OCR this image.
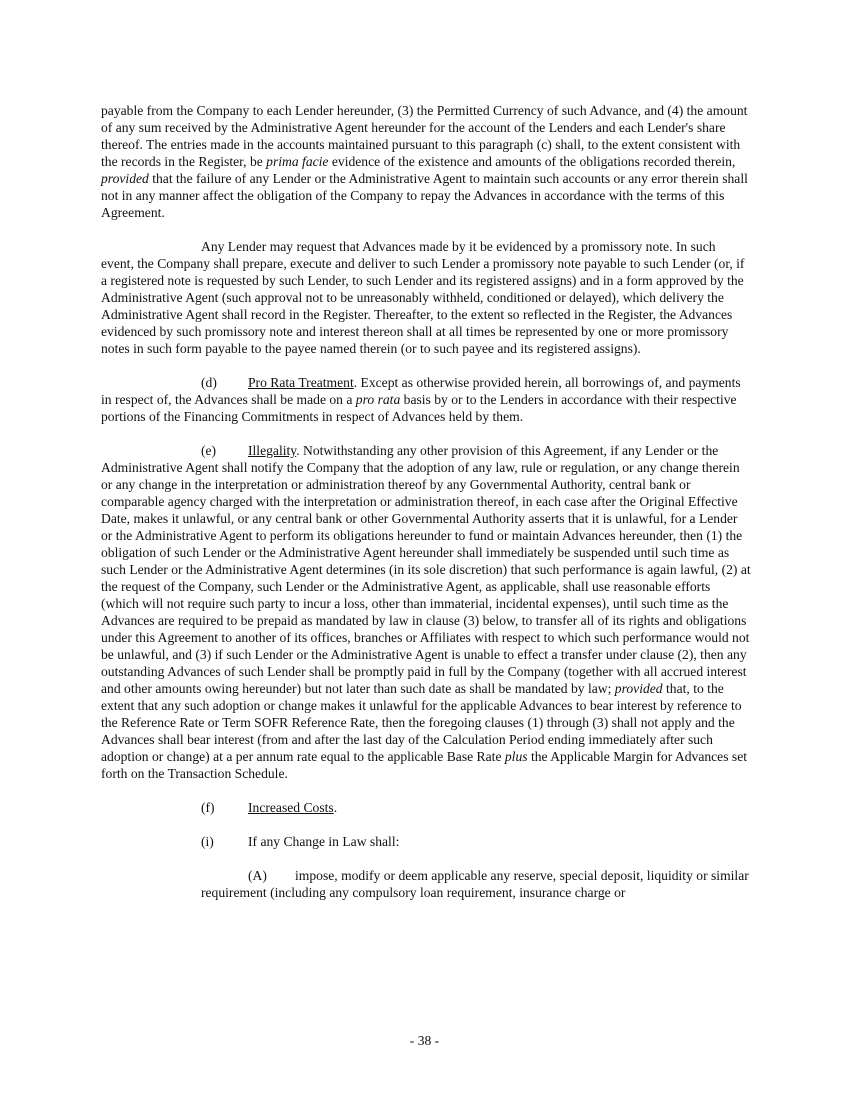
payable from the Company to each Lender hereunder, (3) the Permitted Currency of such Advance, and (4) the amount of any sum received by the Administrative Agent hereunder for the account of the Lenders and each Lender's share thereof. The entries made in the accounts maintained pursuant to this paragraph (c) shall, to the extent consistent with the records in the Register, be prima facie evidence of the existence and amounts of the obligations recorded therein, provided that the failure of any Lender or the Administrative Agent to maintain such accounts or any error therein shall not in any manner affect the obligation of the Company to repay the Advances in accordance with the terms of this Agreement.

Any Lender may request that Advances made by it be evidenced by a promissory note. In such event, the Company shall prepare, execute and deliver to such Lender a promissory note payable to such Lender (or, if a registered note is requested by such Lender, to such Lender and its registered assigns) and in a form approved by the Administrative Agent (such approval not to be unreasonably withheld, conditioned or delayed), which delivery the Administrative Agent shall record in the Register. Thereafter, to the extent so reflected in the Register, the Advances evidenced by such promissory note and interest thereon shall at all times be represented by one or more promissory notes in such form payable to the payee named therein (or to such payee and its registered assigns).

(d) Pro Rata Treatment. Except as otherwise provided herein, all borrowings of, and payments in respect of, the Advances shall be made on a pro rata basis by or to the Lenders in accordance with their respective portions of the Financing Commitments in respect of Advances held by them.

(e) Illegality. Notwithstanding any other provision of this Agreement, if any Lender or the Administrative Agent shall notify the Company that the adoption of any law, rule or regulation, or any change therein or any change in the interpretation or administration thereof by any Governmental Authority, central bank or comparable agency charged with the interpretation or administration thereof, in each case after the Original Effective Date, makes it unlawful, or any central bank or other Governmental Authority asserts that it is unlawful, for a Lender or the Administrative Agent to perform its obligations hereunder to fund or maintain Advances hereunder, then (1) the obligation of such Lender or the Administrative Agent hereunder shall immediately be suspended until such time as such Lender or the Administrative Agent determines (in its sole discretion) that such performance is again lawful, (2) at the request of the Company, such Lender or the Administrative Agent, as applicable, shall use reasonable efforts (which will not require such party to incur a loss, other than immaterial, incidental expenses), until such time as the Advances are required to be prepaid as mandated by law in clause (3) below, to transfer all of its rights and obligations under this Agreement to another of its offices, branches or Affiliates with respect to which such performance would not be unlawful, and (3) if such Lender or the Administrative Agent is unable to effect a transfer under clause (2), then any outstanding Advances of such Lender shall be promptly paid in full by the Company (together with all accrued interest and other amounts owing hereunder) but not later than such date as shall be mandated by law; provided that, to the extent that any such adoption or change makes it unlawful for the applicable Advances to bear interest by reference to the Reference Rate or Term SOFR Reference Rate, then the foregoing clauses (1) through (3) shall not apply and the Advances shall bear interest (from and after the last day of the Calculation Period ending immediately after such adoption or change) at a per annum rate equal to the applicable Base Rate plus the Applicable Margin for Advances set forth on the Transaction Schedule.

(f) Increased Costs.

(i)	If any Change in Law shall:

(A) impose, modify or deem applicable any reserve, special deposit, liquidity or similar requirement (including any compulsory loan requirement, insurance charge or

- 38 -
